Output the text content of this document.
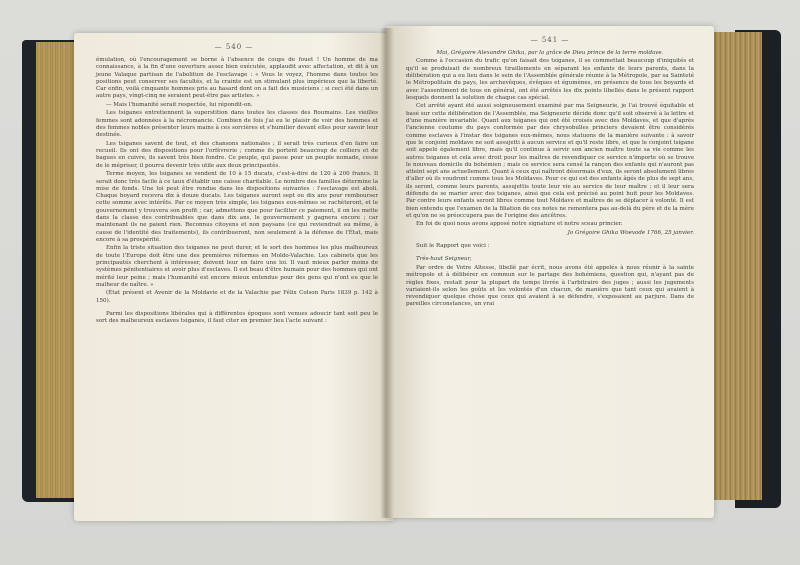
— 540 —

émulation, où l'encouragement se borne à l'absence de coups de fouet ! Un homme de ma connaissance, à la fin d'une ouverture assez bien exécutée, applaudit avec affectation, et dit à un jeune Valaque partisan de l'abolition de l'esclavage : « Vous le voyez, l'homme dans toutes les positions peut conserver ses facultés, et la crainte est un stimulant plus impérieux que la liberté. Car enfin, voilà cinquante hommes pris au hasard dont on a fait des musiciens ; si ceci été dans un autre pays, vingt-cinq ne seraient peut-être pas artistes. »

— Mais l'humanité serait respectée, lui répondit-on.

Les tsiganes entretiennent la superstition dans toutes les classes des Roumains. Les vieilles femmes sont adonnées à la nécromancie. Combien de fois j'ai eu le plaisir de voir des hommes et des femmes nobles présenter leurs mains à ces sorcières et s'humilier devant elles pour savoir leur destinée.

Les tsiganes savent de tout, et des chansons nationales ; il serait très curieux d'en faire un recueil. Ils ont des dispositions pour l'orfèvrerie ; comme ils portent beaucoup de colliers et de bagues en cuivre, ils savent très bien fondre. Ce peuple, qui passe pour un peuple nomade, cesse de le mépriser, il pourra devenir très utile aux deux principautés.

Terme moyen, les tsiganes se vendent de 10 à 15 ducats, c'est-à-dire de 120 à 200 francs. Il serait donc très facile à ce taux d'établir une caisse charitable. Le nombre des familles détermine la mise de fonds. Une loi peut être rendue dans les dispositions suivantes : l'esclavage est aboli. Chaque boyard recevra dix à douze ducats. Les tsiganes auront sept ou dix ans pour rembourser cette somme avec intérêts. Par ce moyen très simple, les tsiganes eux-mêmes se rachèteront, et le gouvernement y trouvera son profit ; car, admettons que pour faciliter ce paiement, il on les mette dans la classe des contribuables que dans dix ans, le gouvernement y gagnera encore ; car maintenant ils ne paient rien. Reconnus citoyens et non paysans (ce qui reviendrait au même, à cause de l'identité des traitements), ils contribueront, non seulement à la défense de l'État, mais encore à sa prospérité.

Enfin la triste situation des tsiganes ne peut durer, et le sort des hommes les plus malheureux de toute l'Europe doit être une des premières réformes en Moldo-Valachie. Les cabinets que les principautés cherchent à intéresser, doivent leur en faire une loi. Il vaut mieux parler moins de systèmes pénitentiaires et avoir plus d'esclaves. Il est beau d'être humain pour des hommes qui ont mérité leur peine ; mais l'humanité est encore mieux entendue pour des gens qui n'ont eu que le malheur de naître. »

(État présent et Avenir de la Moldavie et de la Valachie par Félix Colson Paris 1839 p. 142 à 150).

Parmi les dispositions libérales qui à différentes époques sont venues adoucir tant soit peu le sort des malheureux esclaves tsiganes, il faut citer en premier lieu l'acte suivant :

— 541 —

Moi, Grégoire Alexandre Ghika, par la grâce de Dieu prince de la terre moldave.

Comme à l'occasion du trafic qu'on faisait des tsiganes, il se commettait beaucoup d'iniquités et qu'il se produisait de nombreux tiraillements en séparant les enfants de leurs parents, dans la délibération qui a eu lieu dans le sein de l'Assemblée générale réunie à la Métropole, par sa Sainteté le Métropolitain du pays, les archevêques, évêques et égumènes, en présence de tous les boyards et avec l'assentiment de tous en général, ont été arrêtés les dix points libellés dans le présent rapport lesquels donnent la solution de chaque cas spécial.

Cet arrêté ayant été aussi soigneusement examiné par ma Seigneurie, je l'ai trouvé équitable et basé sur cette délibération de l'Assemblée, ma Seigneurie décide donc qu'il soit observé à la lettre et d'une manière invariable. Quant aux tsiganes qui ont été croisés avec des Moldaves, et que d'après l'ancienne coutume du pays conformée par des chrysobulles princiers devaient être considérés comme esclaves à l'instar des tsiganes eux-mêmes, nous statuons de la manière suivante : à savoir que le conjoint moldave ne soit assujetti à aucun service et qu'il reste libre, et que le conjoint tsigane soit appelé également libre, mais qu'il continue à servir son ancien maître toute sa vie comme les autres tsiganes et cela avec droit pour les maîtres de revendiquer ce service n'importe où se trouve le nouveau domicile du bohémien ; mais ce service sera censé la rançon des enfants qui n'auront pas atteint sept ans actuellement. Quant à ceux qui naîtront désormais d'eux, ils seront absolument libres d'aller où ils voudront comme tous les Moldaves. Pour ce qui est des enfants âgés de plus de sept ans, ils seront, comme leurs parents, assujettis toute leur vie au service de leur maître ; et il leur sera défendu de se marier avec des tsiganes, ainsi que cela est précisé au point huit pour les Moldaves. Par contre leurs enfants seront libres comme tout Moldave et maîtres de se déplacer à volonté. Il est bien entendu que l'examen de la filiation de ces notes ne remontera pas au-delà du père et de la mère et qu'on ne se préoccupera pas de l'origine des ancêtres.

En foi de quoi nous avons apposé notre signature et notre sceau princier.

Jo Grégoire Ghika Woevode 1766, 25 janvier.

Suit le Rapport que voici :

Très-haut Seigneur,

Par ordre de Votre Altesse, libellé par écrit, nous avons été appelés à nous réunir à la sainte métropole et à délibérer en commun sur le partage des bohémiens, question qui, n'ayant pas de règles fixes, restait pour la plupart du temps livrée à l'arbitraire des juges ; aussi les jugements variaient-ils selon les goûts et les volontés d'un chacun, de manière que tant ceux qui avaient à revendiquer quelque chose que ceux qui avaient à se défendre, s'exposaient au parjure. Dans de pareilles circonstances, un vrai
